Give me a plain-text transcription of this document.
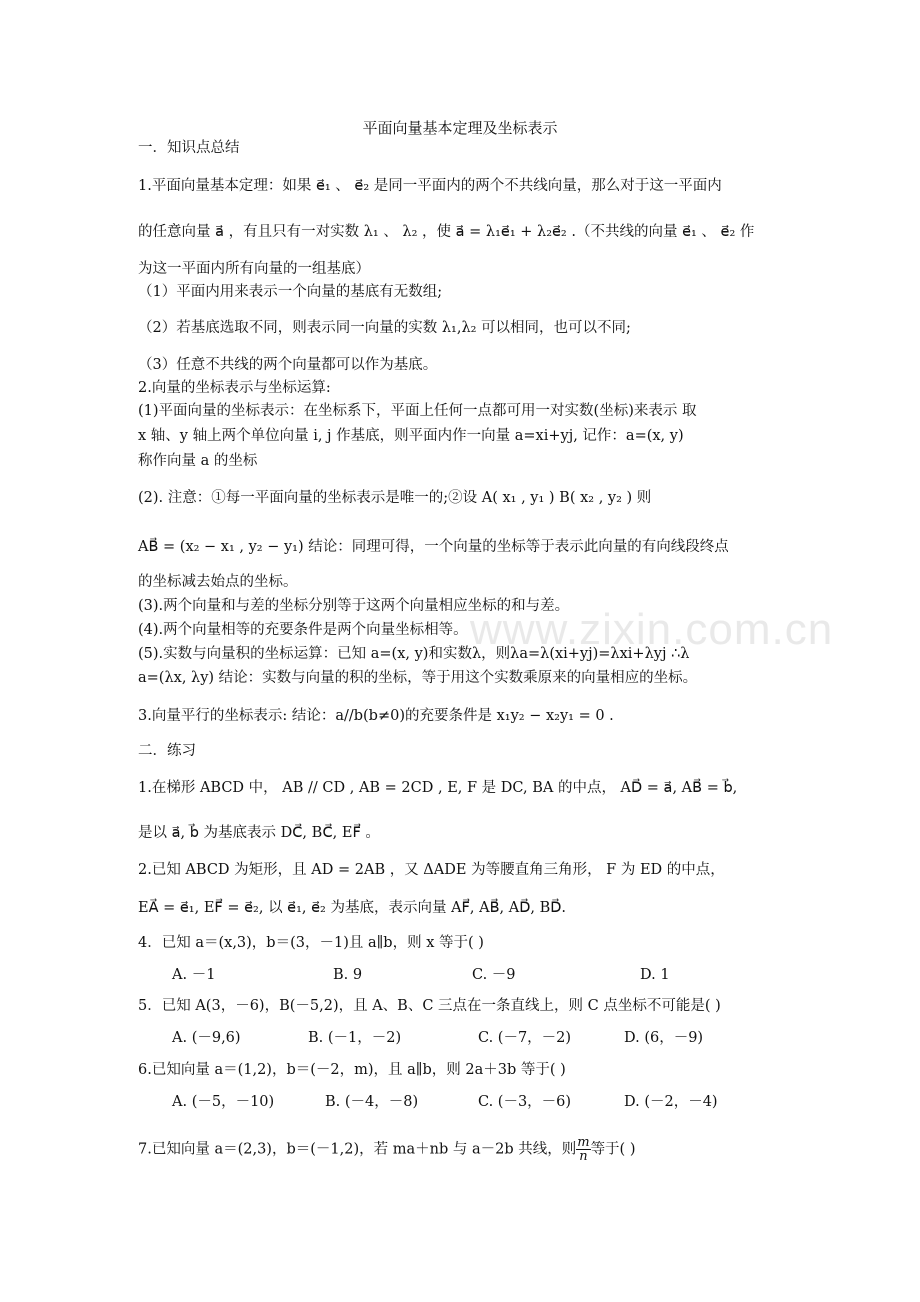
www.zixin.com.cn
平面向量基本定理及坐标表示
一．知识点总结
1.平面向量基本定理：如果 e⃗₁ 、 e⃗₂ 是同一平面内的两个不共线向量，那么对于这一平面内
的任意向量 a⃗ ，有且只有一对实数 λ₁ 、 λ₂ ，使 a⃗ = λ₁e⃗₁ + λ₂e⃗₂ .（不共线的向量 e⃗₁ 、 e⃗₂ 作
为这一平面内所有向量的一组基底）
（1）平面内用来表示一个向量的基底有无数组;
（2）若基底选取不同，则表示同一向量的实数 λ₁,λ₂ 可以相同，也可以不同;
（3）任意不共线的两个向量都可以作为基底。
2.向量的坐标表示与坐标运算:
(1)平面向量的坐标表示：在坐标系下，平面上任何一点都可用一对实数(坐标)来表示 取
x 轴、y 轴上两个单位向量 i, j 作基底，则平面内作一向量 a=xi+yj, 记作：a=(x, y)
称作向量 a 的坐标
(2). 注意：①每一平面向量的坐标表示是唯一的;②设 A( x₁ , y₁ ) B( x₂ , y₂ ) 则
AB⃗ = (x₂ − x₁ , y₂ − y₁) 结论：同理可得，一个向量的坐标等于表示此向量的有向线段终点
的坐标减去始点的坐标。
(3).两个向量和与差的坐标分别等于这两个向量相应坐标的和与差。
(4).两个向量相等的充要条件是两个向量坐标相等。
(5).实数与向量积的坐标运算：已知 a=(x, y)和实数λ，则λa=λ(xi+yj)=λxi+λyj ∴λ
a=(λx, λy) 结论：实数与向量的积的坐标，等于用这个实数乘原来的向量相应的坐标。
3.向量平行的坐标表示: 结论：a//b(b≠0)的充要条件是 x₁y₂ − x₂y₁ = 0 .
二．练习
1.在梯形 ABCD 中， AB // CD , AB = 2CD , E, F 是 DC, BA 的中点， AD⃗ = a⃗, AB⃗ = b⃗,
是以 a⃗, b⃗ 为基底表示 DC⃗, BC⃗, EF⃗ 。
2.已知 ABCD 为矩形，且 AD = 2AB ，又 ΔADE 为等腰直角三角形， F 为 ED 的中点，
EA⃗ = e⃗₁, EF⃗ = e⃗₂, 以 e⃗₁, e⃗₂ 为基底，表示向量 AF⃗, AB⃗, AD⃗, BD⃗.
4．已知 a＝(x,3)，b＝(3，－1)且 a∥b，则 x 等于( )
A. －1	B. 9	C. －9	D. 1
5．已知 A(3，－6)，B(－5,2)，且 A、B、C 三点在一条直线上，则 C 点坐标不可能是( )
A. (－9,6)	B. (－1，－2)	C. (－7，－2)	D. (6，－9)
6.已知向量 a＝(1,2)，b＝(－2，m)，且 a∥b，则 2a＋3b 等于( )
A. (－5，－10)	B. (－4，－8)	C. (－3，－6)	D. (－2，－4)
7.已知向量 a＝(2,3)，b＝(－1,2)，若 ma＋nb 与 a－2b 共线，则 $\frac{m}{n}$ 等于( )
